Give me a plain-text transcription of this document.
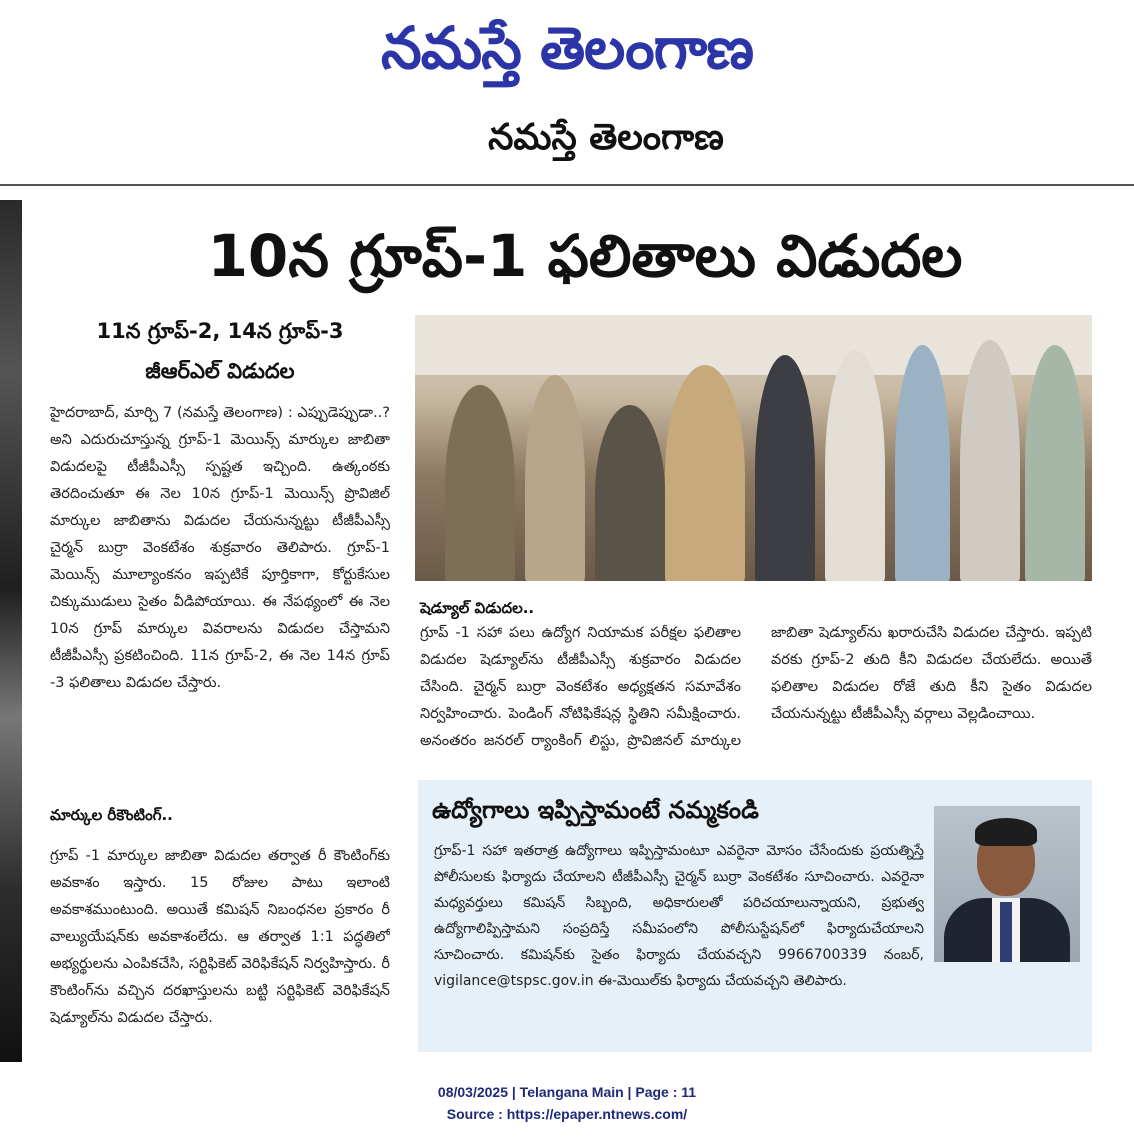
నమస్తే తెలంగాణ
నమస్తే తెలంగాణ
10న గ్రూప్-1 ఫలితాలు విడుదల
11న గ్రూప్-2, 14న గ్రూప్-3
జీఆర్ఎల్ విడుదల
హైదరాబాద్, మార్చి 7 (నమస్తే తెలంగాణ) : ఎప్పుడెప్పుడా..? అని ఎదురుచూస్తున్న గ్రూప్-1 మెయిన్స్ మార్కుల జాబితా విడుదలపై టీజీపీఎస్సీ స్పష్టత ఇచ్చింది. ఉత్కంఠకు తెరదించుతూ ఈ నెల 10న గ్రూప్-1 మెయిన్స్ ప్రొవిజిల్ మార్కుల జాబితాను విడుదల చేయనున్నట్టు టీజీపీఎస్సీ చైర్మన్ బుర్రా వెంకటేశం శుక్రవారం తెలిపారు. గ్రూప్-1 మెయిన్స్ మూల్యాంకనం ఇప్పటికే పూర్తికాగా, కోర్టుకేసుల చిక్కుముడులు సైతం వీడిపోయాయి. ఈ నేపథ్యంలో ఈ నెల 10న గ్రూప్ మార్కుల వివరాలను విడుదల చేస్తామని టీజీపీఎస్సీ ప్రకటించింది. 11న గ్రూప్-2, ఈ నెల 14న గ్రూప్ -3 ఫలితాలు విడుదల చేస్తారు.
మార్కుల రీకౌంటింగ్..
గ్రూప్ -1 మార్కుల జాబితా విడుదల తర్వాత రీ కౌంటింగ్‌కు అవకాశం ఇస్తారు. 15 రోజుల పాటు ఇలాంటి అవకాశముంటుంది. అయితే కమిషన్ నిబంధనల ప్రకారం రీ వాల్యుయేషన్‌కు అవకాశంలేదు. ఆ తర్వాత 1:1 పద్ధతిలో అభ్యర్థులను ఎంపికచేసి, సర్టిఫికెట్ వెరిఫికేషన్ నిర్వహిస్తారు. రీ కౌంటింగ్‌ను వచ్చిన దరఖాస్తులను బట్టి సర్టిఫికెట్ వెరిఫికేషన్ షెడ్యూల్‌ను విడుదల చేస్తారు.
షెడ్యూల్ విడుదల..
గ్రూప్ -1 సహా పలు ఉద్యోగ నియామక పరీక్షల ఫలితాల విడుదల షెడ్యూల్‌ను టీజీపీఎస్సీ శుక్రవారం విడుదల చేసింది. చైర్మన్ బుర్రా వెంకటేశం అధ్యక్షతన సమావేశం నిర్వహించారు. పెండింగ్ నోటిఫికేషన్ల స్థితిని సమీక్షించారు. అనంతరం జనరల్ ర్యాంకింగ్ లిస్టు, ప్రొవిజినల్ మార్కుల జాబితా షెడ్యూల్‌ను ఖరారుచేసి విడుదల చేస్తారు. ఇప్పటి వరకు గ్రూప్-2 తుది కీని విడుదల చేయలేదు. అయితే ఫలితాల విడుదల రోజే తుది కీని సైతం విడుదల చేయనున్నట్టు టీజీపీఎస్సీ వర్గాలు వెల్లడించాయి.
ఉద్యోగాలు ఇప్పిస్తామంటే నమ్మకండి
గ్రూప్-1 సహా ఇతరాత్ర ఉద్యోగాలు ఇప్పిస్తామంటూ ఎవరైనా మోసం చేసేందుకు ప్రయత్నిస్తే పోలీసులకు ఫిర్యాదు చేయాలని టీజీపీఎస్సీ చైర్మన్ బుర్రా వెంకటేశం సూచించారు. ఎవరైనా మధ్యవర్తులు కమిషన్ సిబ్బంది, అధికారులతో పరిచయాలున్నాయని, ప్రభుత్వ ఉద్యోగాలిప్పిస్తామని సంప్రదిస్తే సమీపంలోని పోలీసుస్టేషన్‌లో ఫిర్యాదుచేయాలని సూచించారు. కమిషన్‌కు సైతం ఫిర్యాదు చేయవచ్చని 9966700339 నంబర్, vigilance@tspsc.gov.in ఈ-మెయిల్‌కు ఫిర్యాదు చేయవచ్చని తెలిపారు.
08/03/2025 | Telangana Main | Page : 11
Source : https://epaper.ntnews.com/
